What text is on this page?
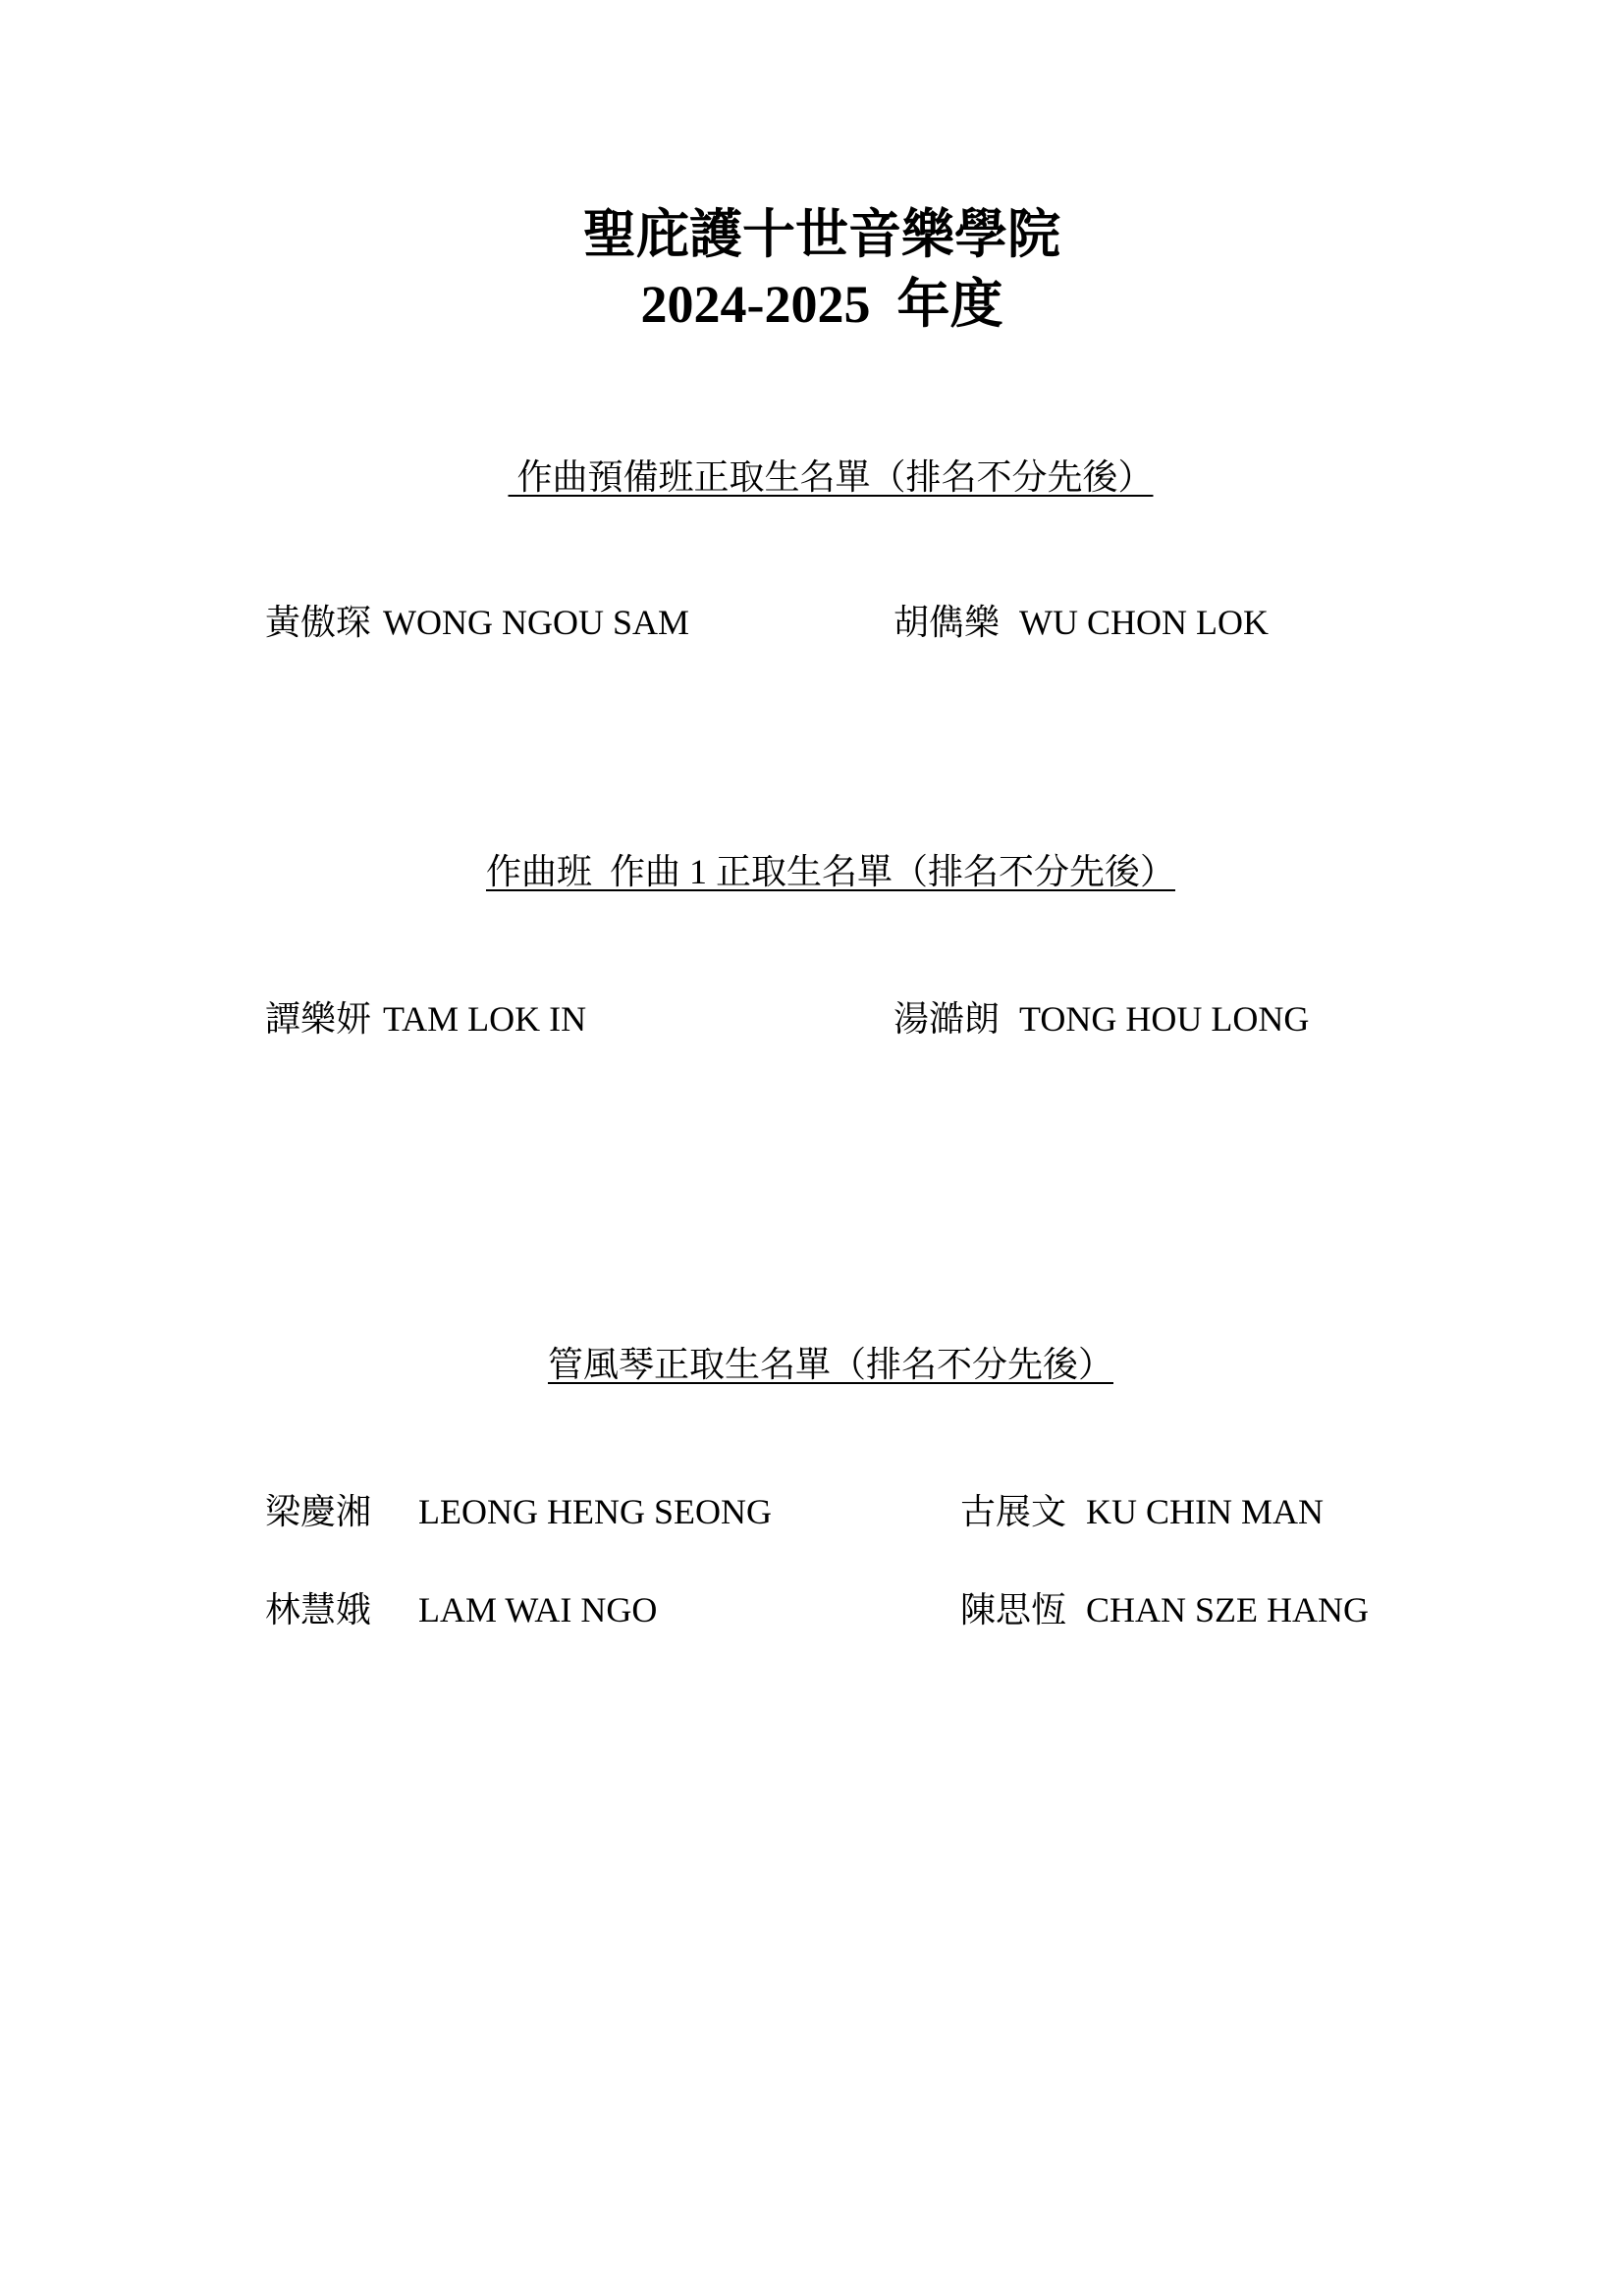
聖庇護十世音樂學院
2024-2025  年度

作曲預備班正取生名單（排名不分先後）

黃傲琛 WONG NGOU SAM	胡儁樂 WU CHON LOK

作曲班  作曲 1 正取生名單（排名不分先後）

譚樂妍 TAM LOK IN	湯澔朗 TONG HOU LONG

管風琴正取生名單（排名不分先後）

梁慶湘 LEONG HENG SEONG	古展文 KU CHIN MAN

林慧娥 LAM WAI NGO	陳思恆 CHAN SZE HANG
